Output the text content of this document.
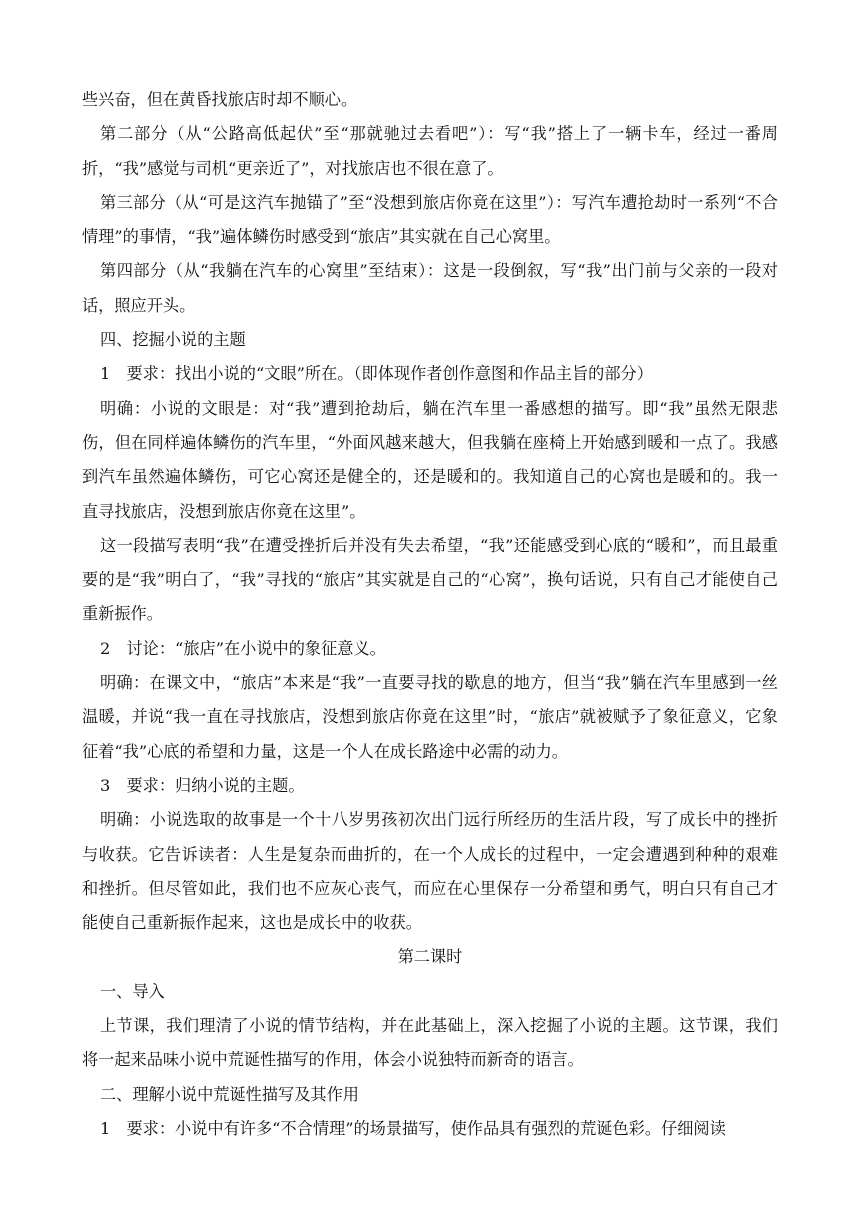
些兴奋，但在黄昏找旅店时却不顺心。

第二部分（从“公路高低起伏”至“那就驰过去看吧”）：写“我”搭上了一辆卡车，经过一番周折，“我”感觉与司机“更亲近了”，对找旅店也不很在意了。

第三部分（从“可是这汽车抛锚了”至“没想到旅店你竟在这里”）：写汽车遭抢劫时一系列“不合情理”的事情，“我”遍体鳞伤时感受到“旅店”其实就在自己心窝里。

第四部分（从“我躺在汽车的心窝里”至结束）：这是一段倒叙，写“我”出门前与父亲的一段对话，照应开头。

四、挖掘小说的主题

1　要求：找出小说的“文眼”所在。（即体现作者创作意图和作品主旨的部分）

明确：小说的文眼是：对“我”遭到抢劫后，躺在汽车里一番感想的描写。即“我”虽然无限悲伤，但在同样遍体鳞伤的汽车里，“外面风越来越大，但我躺在座椅上开始感到暖和一点了。我感到汽车虽然遍体鳞伤，可它心窝还是健全的，还是暖和的。我知道自己的心窝也是暖和的。我一直寻找旅店，没想到旅店你竟在这里”。

这一段描写表明“我”在遭受挫折后并没有失去希望，“我”还能感受到心底的“暖和”，而且最重要的是“我”明白了，“我”寻找的“旅店”其实就是自己的“心窝”，换句话说，只有自己才能使自己重新振作。

2　讨论：“旅店”在小说中的象征意义。

明确：在课文中，“旅店”本来是“我”一直要寻找的歇息的地方，但当“我”躺在汽车里感到一丝温暖，并说“我一直在寻找旅店，没想到旅店你竟在这里”时，“旅店”就被赋予了象征意义，它象征着“我”心底的希望和力量，这是一个人在成长路途中必需的动力。

3　要求：归纳小说的主题。

明确：小说选取的故事是一个十八岁男孩初次出门远行所经历的生活片段，写了成长中的挫折与收获。它告诉读者：人生是复杂而曲折的，在一个人成长的过程中，一定会遭遇到种种的艰难和挫折。但尽管如此，我们也不应灰心丧气，而应在心里保存一分希望和勇气，明白只有自己才能使自己重新振作起来，这也是成长中的收获。

第二课时

一、导入

上节课，我们理清了小说的情节结构，并在此基础上，深入挖掘了小说的主题。这节课，我们将一起来品味小说中荒诞性描写的作用，体会小说独特而新奇的语言。

二、理解小说中荒诞性描写及其作用

1　要求：小说中有许多“不合情理”的场景描写，使作品具有强烈的荒诞色彩。仔细阅读
